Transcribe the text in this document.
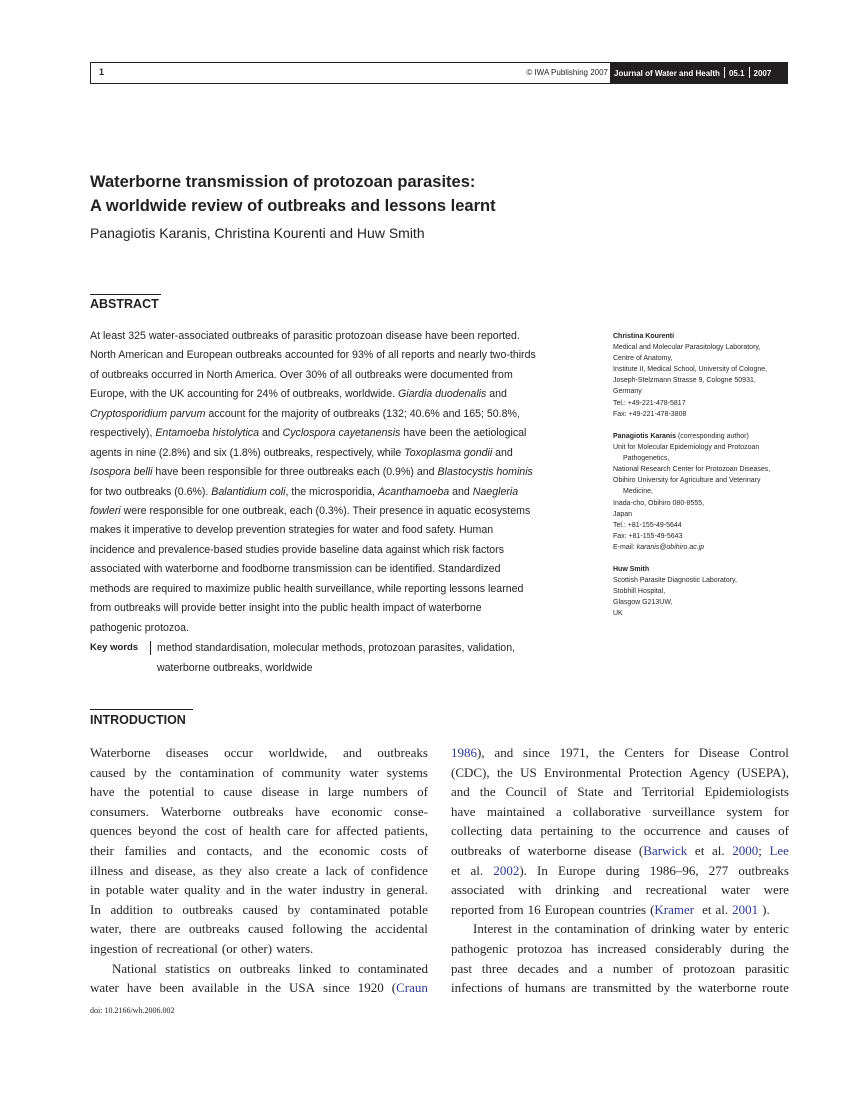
1	© IWA Publishing 2007 Journal of Water and Health 05.1 2007
Waterborne transmission of protozoan parasites:
A worldwide review of outbreaks and lessons learnt
Panagiotis Karanis, Christina Kourenti and Huw Smith
ABSTRACT
At least 325 water-associated outbreaks of parasitic protozoan disease have been reported.
North American and European outbreaks accounted for 93% of all reports and nearly two-thirds
of outbreaks occurred in North America. Over 30% of all outbreaks were documented from
Europe, with the UK accounting for 24% of outbreaks, worldwide. Giardia duodenalis and
Cryptosporidium parvum account for the majority of outbreaks (132; 40.6% and 165; 50.8%,
respectively), Entamoeba histolytica and Cyclospora cayetanensis have been the aetiological
agents in nine (2.8%) and six (1.8%) outbreaks, respectively, while Toxoplasma gondii and
Isospora belli have been responsible for three outbreaks each (0.9%) and Blastocystis hominis
for two outbreaks (0.6%). Balantidium coli, the microsporidia, Acanthamoeba and Naegleria
fowleri were responsible for one outbreak, each (0.3%). Their presence in aquatic ecosystems
makes it imperative to develop prevention strategies for water and food safety. Human
incidence and prevalence-based studies provide baseline data against which risk factors
associated with waterborne and foodborne transmission can be identified. Standardized
methods are required to maximize public health surveillance, while reporting lessons learned
from outbreaks will provide better insight into the public health impact of waterborne
pathogenic protozoa.
Key words method standardisation, molecular methods, protozoan parasites, validation,
waterborne outbreaks, worldwide
Christina Kourenti
Medical and Molecular Parasitology Laboratory,
Centre of Anatomy,
Institute II, Medical School, University of Cologne,
Joseph-Stelzmann Strasse 9, Cologne 50931,
Germany
Tel.: +49-221-478-5817
Fax: +49-221-478-3808
Panagiotis Karanis (corresponding author)
Unit for Molecular Epidemiology and Protozoan
Pathogenetics,
National Research Center for Protozoan Diseases,
Obihiro University for Agriculture and Veterinary
Medicine,
Inada-cho, Obihiro 080-8555,
Japan
Tel.: +81-155-49-5644
Fax: +81-155-49-5643
E-mail: karanis@obihiro.ac.jp
Huw Smith
Scottish Parasite Diagnostic Laboratory,
Stobhill Hospital,
Glasgow G213UW,
UK
INTRODUCTION
Waterborne diseases occur worldwide, and outbreaks
caused by the contamination of community water systems
have the potential to cause disease in large numbers of
consumers. Waterborne outbreaks have economic conse-
quences beyond the cost of health care for affected patients,
their families and contacts, and the economic costs of
illness and disease, as they also create a lack of confidence
in potable water quality and in the water industry in general.
In addition to outbreaks caused by contaminated potable
water, there are outbreaks caused following the accidental
ingestion of recreational (or other) waters.
National statistics on outbreaks linked to contaminated
water have been available in the USA since 1920 (Craun
1986), and since 1971, the Centers for Disease Control
(CDC), the US Environmental Protection Agency (USEPA),
and the Council of State and Territorial Epidemiologists
have maintained a collaborative surveillance system for
collecting data pertaining to the occurrence and causes of
outbreaks of waterborne disease (Barwick et al. 2000; Lee
et al. 2002). In Europe during 1986–96, 277 outbreaks
associated with drinking and recreational water were
reported from 16 European countries (Kramer et al. 2001 ).
Interest in the contamination of drinking water by enteric
pathogenic protozoa has increased considerably during the
past three decades and a number of protozoan parasitic
infections of humans are transmitted by the waterborne route
doi: 10.2166/wh.2006.002
